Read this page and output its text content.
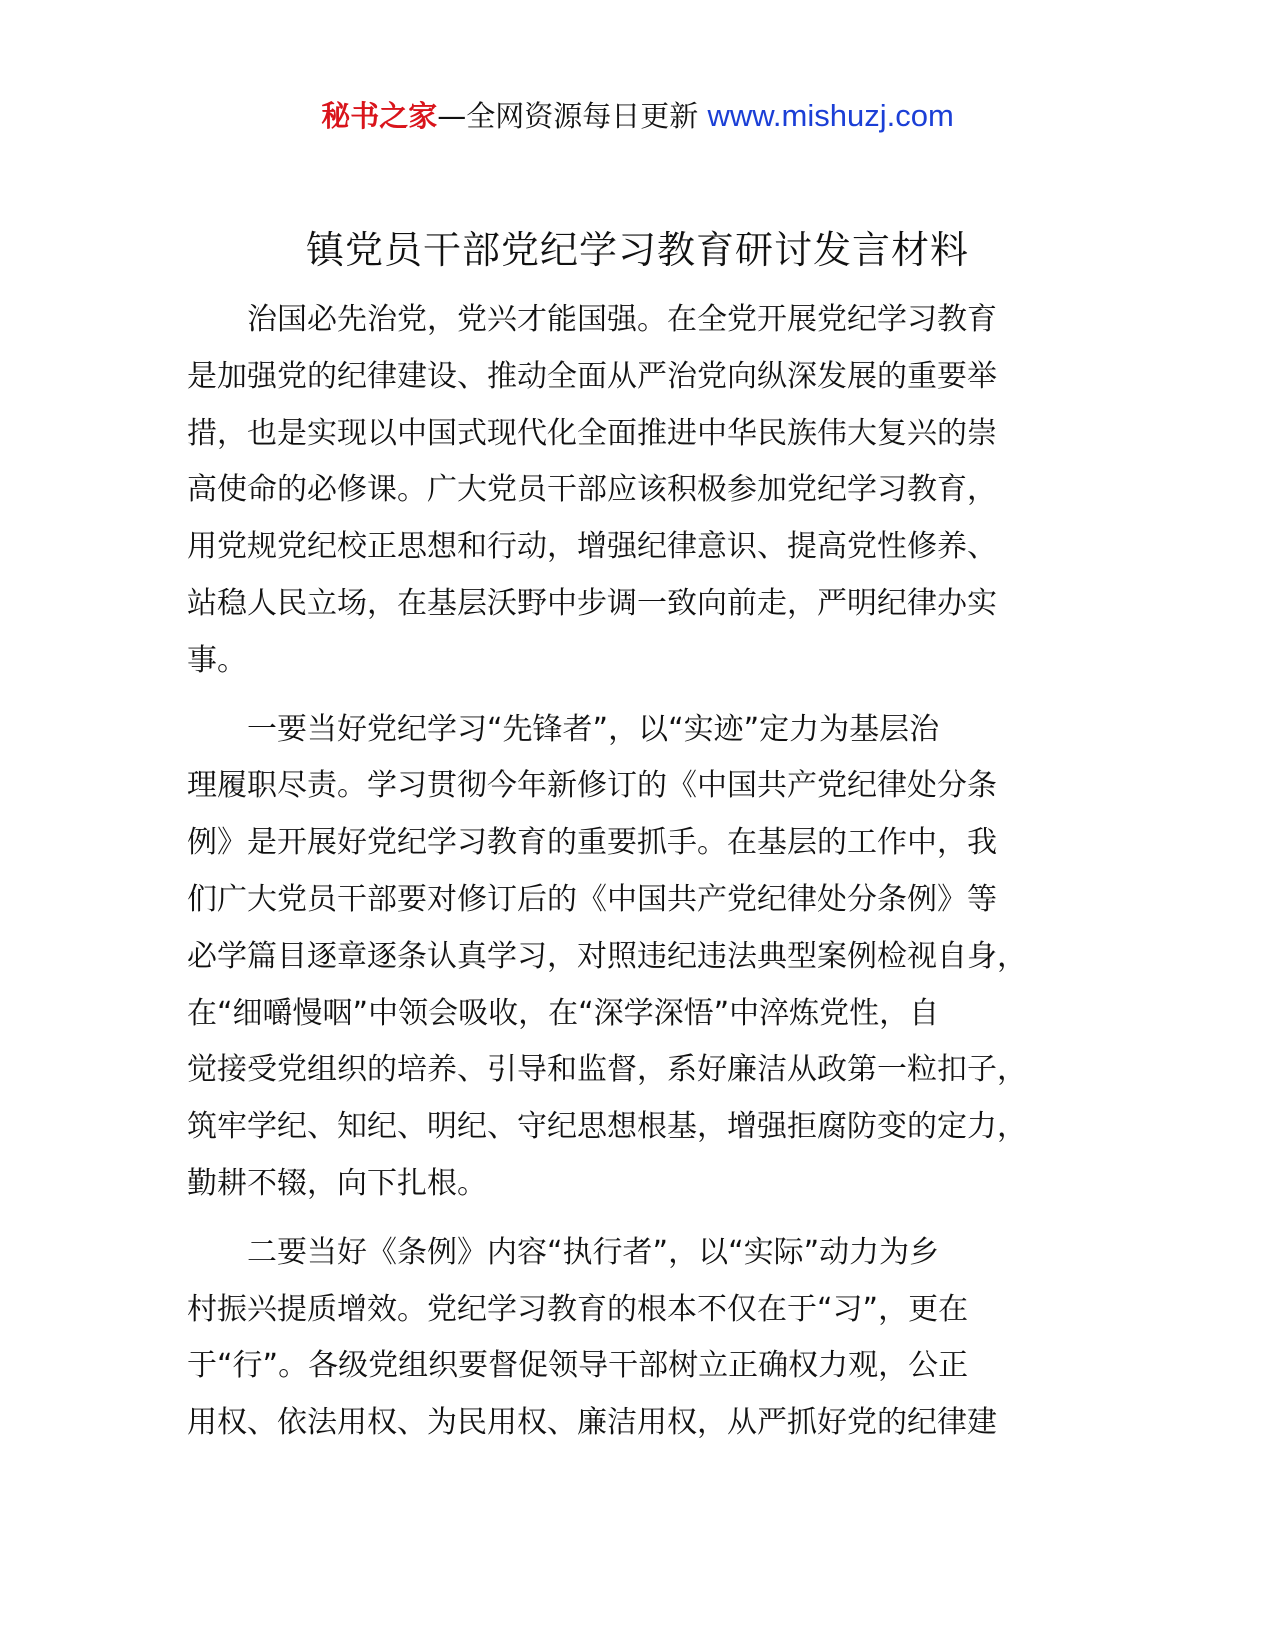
秘书之家—全网资源每日更新 www.mishuzj.com
镇党员干部党纪学习教育研讨发言材料

治国必先治党，党兴才能国强。在全党开展党纪学习教育
是加强党的纪律建设、推动全面从严治党向纵深发展的重要举
措，也是实现以中国式现代化全面推进中华民族伟大复兴的崇
高使命的必修课。广大党员干部应该积极参加党纪学习教育，
用党规党纪校正思想和行动，增强纪律意识、提高党性修养、
站稳人民立场，在基层沃野中步调一致向前走，严明纪律办实
事。

一要当好党纪学习“先锋者”，以“实迹”定力为基层治
理履职尽责。学习贯彻今年新修订的《中国共产党纪律处分条
例》是开展好党纪学习教育的重要抓手。在基层的工作中，我
们广大党员干部要对修订后的《中国共产党纪律处分条例》等
必学篇目逐章逐条认真学习，对照违纪违法典型案例检视自身，
在“细嚼慢咽”中领会吸收，在“深学深悟”中淬炼党性，自
觉接受党组织的培养、引导和监督，系好廉洁从政第一粒扣子，
筑牢学纪、知纪、明纪、守纪思想根基，增强拒腐防变的定力，
勤耕不辍，向下扎根。

二要当好《条例》内容“执行者”，以“实际”动力为乡
村振兴提质增效。党纪学习教育的根本不仅在于“习”，更在
于“行”。各级党组织要督促领导干部树立正确权力观，公正
用权、依法用权、为民用权、廉洁用权，从严抓好党的纪律建
